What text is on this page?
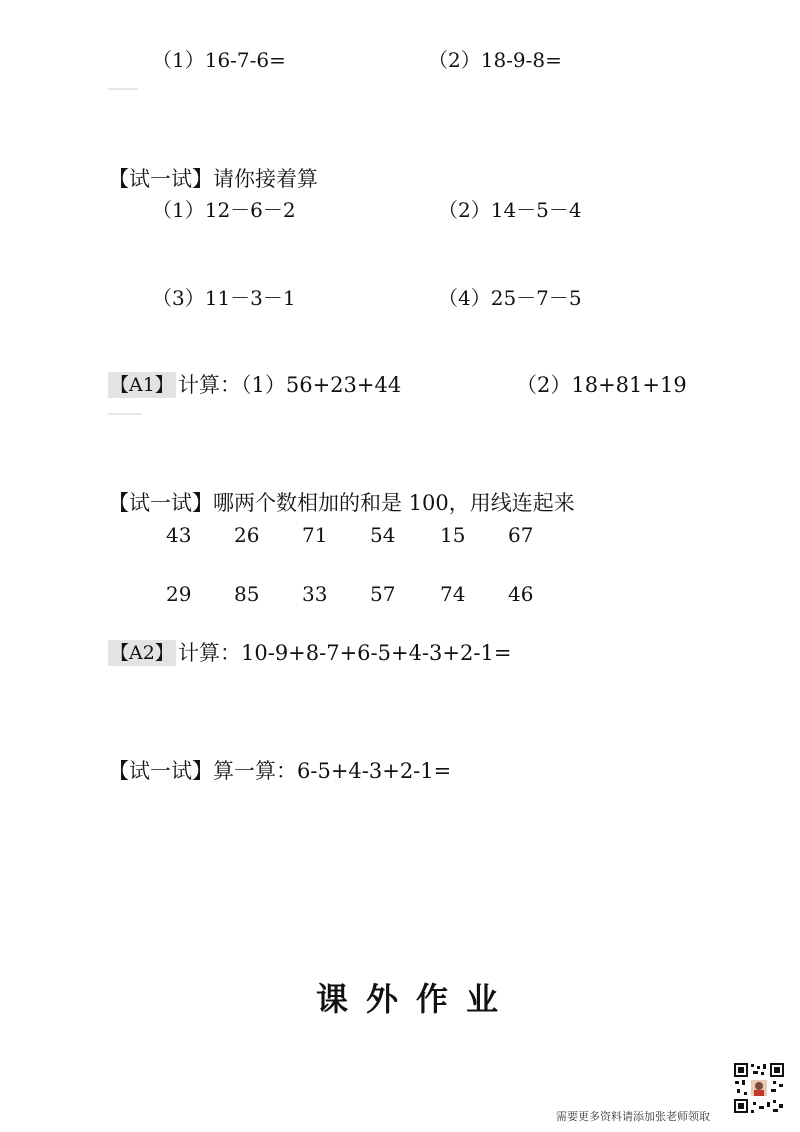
（1）16-7-6=	（2）18-9-8=
【试一试】请你接着算
（1）12－6－2	（2）14－5－4
（3）11－3－1	（4）25－7－5
【A1】 计算：（1）56+23+44	（2）18+81+19
【试一试】哪两个数相加的和是 100，用线连起来
43 26 71 54 15 67
29 85 33 57 74 46
【A2】 计算：10-9+8-7+6-5+4-3+2-1=
【试一试】算一算：6-5+4-3+2-1=
课外作业
需要更多资料请添加张老师领取
